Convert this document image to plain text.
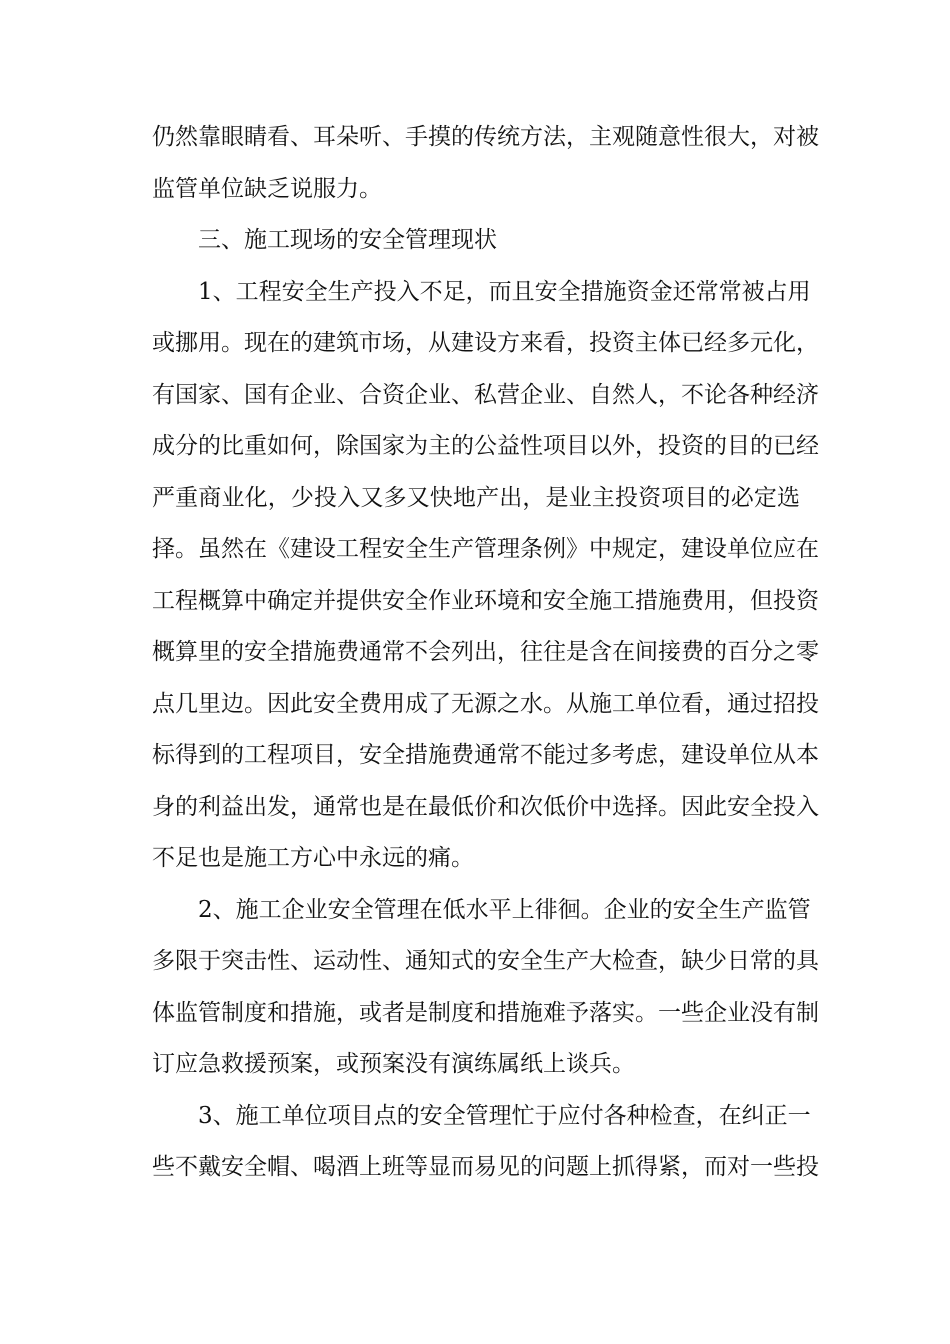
仍然靠眼睛看、耳朵听、手摸的传统方法，主观随意性很大，对被
监管单位缺乏说服力。
三、施工现场的安全管理现状
1、工程安全生产投入不足，而且安全措施资金还常常被占用
或挪用。现在的建筑市场，从建设方来看，投资主体已经多元化，
有国家、国有企业、合资企业、私营企业、自然人，不论各种经济
成分的比重如何，除国家为主的公益性项目以外，投资的目的已经
严重商业化，少投入又多又快地产出，是业主投资项目的必定选
择。虽然在《建设工程安全生产管理条例》中规定，建设单位应在
工程概算中确定并提供安全作业环境和安全施工措施费用，但投资
概算里的安全措施费通常不会列出，往往是含在间接费的百分之零
点几里边。因此安全费用成了无源之水。从施工单位看，通过招投
标得到的工程项目，安全措施费通常不能过多考虑，建设单位从本
身的利益出发，通常也是在最低价和次低价中选择。因此安全投入
不足也是施工方心中永远的痛。
2、施工企业安全管理在低水平上徘徊。企业的安全生产监管
多限于突击性、运动性、通知式的安全生产大检查，缺少日常的具
体监管制度和措施，或者是制度和措施难予落实。一些企业没有制
订应急救援预案，或预案没有演练属纸上谈兵。
3、施工单位项目点的安全管理忙于应付各种检查，在纠正一
些不戴安全帽、喝酒上班等显而易见的问题上抓得紧，而对一些投
